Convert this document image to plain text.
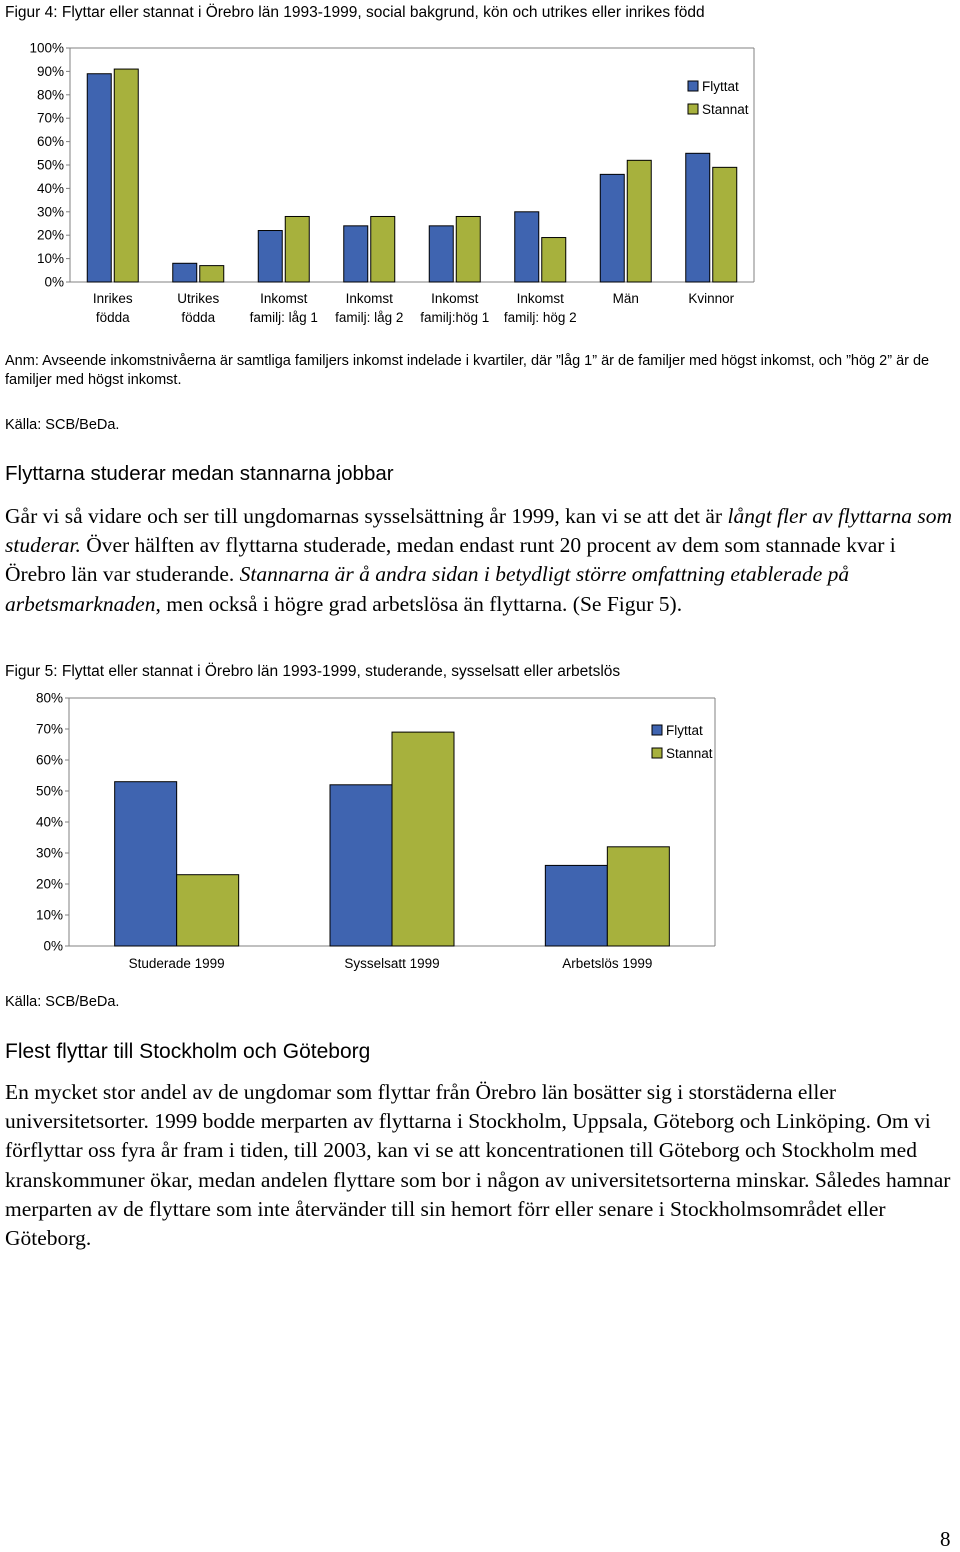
Figur 4: Flyttar eller stannat i Örebro län 1993-1999, social bakgrund, kön och utrikes eller inrikes född
0%
10%
20%
30%
40%
50%
60%
70%
80%
90%
100%
Inrikes
födda
Utrikes
födda
Inkomst
familj: låg 1
Inkomst
familj: låg 2
Inkomst
familj:hög 1
Inkomst
familj: hög 2
Män	Kvinnor
Flyttat
Stannat
Anm: Avseende inkomstnivåerna är samtliga familjers inkomst indelade i kvartiler, där ”låg 1” är de familjer med högst inkomst, och ”hög 2” är de familjer med högst inkomst.
Källa: SCB/BeDa.
Flyttarna studerar medan stannarna jobbar
Går vi så vidare och ser till ungdomarnas sysselsättning år 1999, kan vi se att det är långt fler av flyttarna som studerar. Över hälften av flyttarna studerade, medan endast runt 20 procent av dem som stannade kvar i Örebro län var studerande. Stannarna är å andra sidan i betydligt större omfattning etablerade på arbetsmarknaden, men också i högre grad arbetslösa än flyttarna. (Se Figur 5).
Figur 5: Flyttat eller stannat i Örebro län 1993-1999, studerande, sysselsatt eller arbetslös
0%
10%
20%
30%
40%
50%
60%
70%
80%
Studerade 1999	Sysselsatt 1999	Arbetslös 1999
Flyttat
Stannat
Källa: SCB/BeDa.
Flest flyttar till Stockholm och Göteborg
En mycket stor andel av de ungdomar som flyttar från Örebro län bosätter sig i storstäderna eller universitetsorter. 1999 bodde merparten av flyttarna i Stockholm, Uppsala, Göteborg och Linköping. Om vi förflyttar oss fyra år fram i tiden, till 2003, kan vi se att koncentrationen till Göteborg och Stockholm med kranskommuner ökar, medan andelen flyttare som bor i någon av universitetsorterna minskar. Således hamnar merparten av de flyttare som inte återvänder till sin hemort förr eller senare i Stockholmsområdet eller Göteborg.
8
